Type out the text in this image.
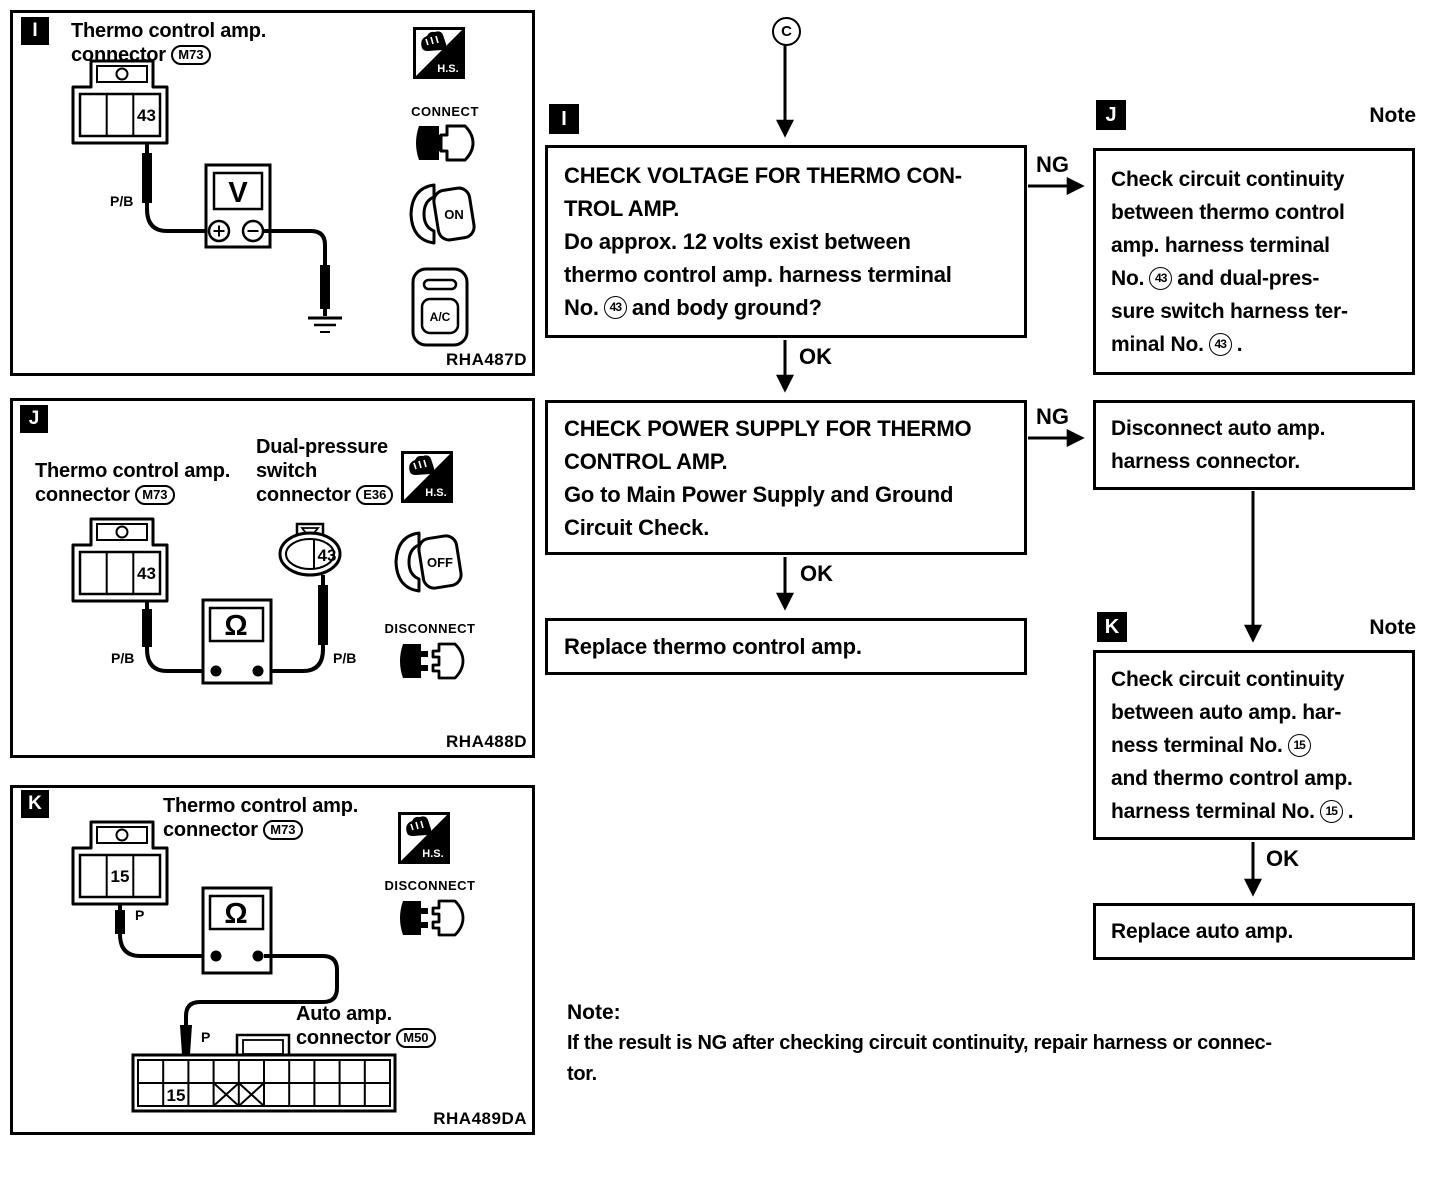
43
P/B	V
H.S.
CONNECT
ON
A/C
I	Thermo control amp.
connector M73
RHA487D
43
43
P/B	P/B
Ω
H.S.
OFF
DISCONNECT
J
Thermo control amp.
connector M73
Dual-pressure
switch
connector E36
RHA488D
15
P	Ω
P
15
H.S.
DISCONNECT
K	Thermo control amp.
connector M73
Auto amp.
connector M50
RHA489DA
C
I
CHECK VOLTAGE FOR THERMO CON-
TROL AMP.
Do approx. 12 volts exist between
thermo control amp. harness terminal
No. 43 and body ground?
NG
J	Note
Check circuit continuity
between thermo control
amp. harness terminal
No. 43 and dual-pres-
sure switch harness ter-
minal No. 43 .
OK
CHECK POWER SUPPLY FOR THERMO
CONTROL AMP.
Go to Main Power Supply and Ground
Circuit Check.
NG Disconnect auto amp.
harness connector.
OK
Replace thermo control amp.
K	Note
Check circuit continuity
between auto amp. har-
ness terminal No. 15
and thermo control amp.
harness terminal No. 15 .
OK
Replace auto amp.
Note:
If the result is NG after checking circuit continuity, repair harness or connec-
tor.
